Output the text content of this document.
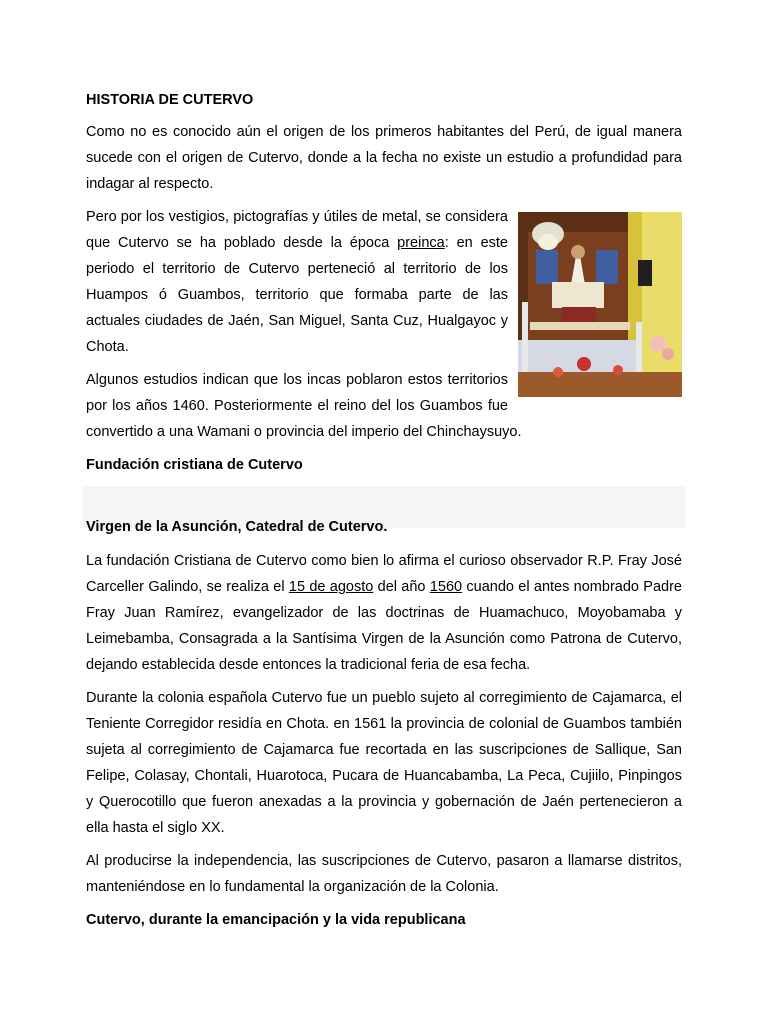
HISTORIA DE CUTERVO

Como no es conocido aún el origen de los primeros habitantes del Perú, de igual manera sucede con el origen de Cutervo, donde a la fecha no existe un estudio a profundidad para indagar al respecto.

Pero por los vestigios, pictografías y útiles de metal, se considera que Cutervo se ha poblado desde la época preinca: en este periodo el territorio de Cutervo perteneció al territorio de los Huampos ó Guambos, territorio que formaba parte de las actuales ciudades de Jaén, San Miguel, Santa Cuz, Hualgayoc y Chota.

Algunos estudios indican que los incas poblaron estos territorios por los años 1460. Posteriormente el reino del los Guambos fue convertido a una Wamani o provincia del imperio del Chinchaysuyo.

Fundación cristiana de Cutervo
Virgen de la Asunción, Catedral de Cutervo.

La fundación Cristiana de Cutervo como bien lo afirma el curioso observador R.P. Fray José Carceller Galindo, se realiza el 15 de agosto del año 1560 cuando el antes nombrado Padre Fray Juan Ramírez, evangelizador de las doctrinas de Huamachuco, Moyobamaba y Leimebamba, Consagrada a la Santísima Virgen de la Asunción como Patrona de Cutervo, dejando establecida desde entonces la tradicional feria de esa fecha.

Durante la colonia española Cutervo fue un pueblo sujeto al corregimiento de Cajamarca, el Teniente Corregidor residía en Chota. en 1561 la provincia de colonial de Guambos también sujeta al corregimiento de Cajamarca fue recortada en las suscripciones de Sallique, San Felipe, Colasay, Chontali, Huarotoca, Pucara de Huancabamba, La Peca, Cujiilo, Pinpingos y Querocotillo que fueron anexadas a la provincia y gobernación de Jaén pertenecieron a ella hasta el siglo XX.

Al producirse la independencia, las suscripciones de Cutervo, pasaron a llamarse distritos, manteniéndose en lo fundamental la organización de la Colonia.

Cutervo, durante la emancipación y la vida republicana
